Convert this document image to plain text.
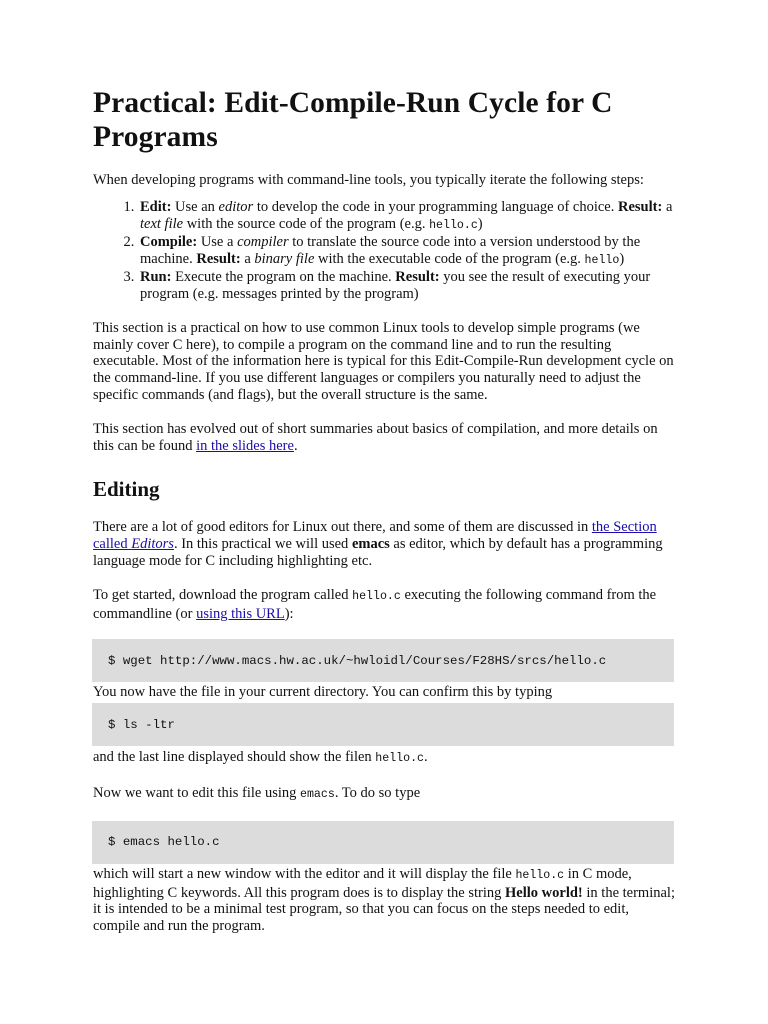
Practical: Edit-Compile-Run Cycle for C Programs

When developing programs with command-line tools, you typically iterate the following steps:

1. Edit: Use an editor to develop the code in your programming language of choice. Result: a text file with the source code of the program (e.g. hello.c)
2. Compile: Use a compiler to translate the source code into a version understood by the machine. Result: a binary file with the executable code of the program (e.g. hello)
3. Run: Execute the program on the machine. Result: you see the result of executing your program (e.g. messages printed by the program)

This section is a practical on how to use common Linux tools to develop simple programs (we mainly cover C here), to compile a program on the command line and to run the resulting executable. Most of the information here is typical for this Edit-Compile-Run development cycle on the command-line. If you use different languages or compilers you naturally need to adjust the specific commands (and flags), but the overall structure is the same.

This section has evolved out of short summaries about basics of compilation, and more details on this can be found in the slides here.

Editing

There are a lot of good editors for Linux out there, and some of them are discussed in the Section called Editors. In this practical we will used emacs as editor, which by default has a programming language mode for C including highlighting etc.

To get started, download the program called hello.c executing the following command from the commandline (or using this URL):

$ wget http://www.macs.hw.ac.uk/~hwloidl/Courses/F28HS/srcs/hello.c

You now have the file in your current directory. You can confirm this by typing

$ ls -ltr

and the last line displayed should show the filen hello.c.

Now we want to edit this file using emacs. To do so type

$ emacs hello.c

which will start a new window with the editor and it will display the file hello.c in C mode, highlighting C keywords. All this program does is to display the string Hello world! in the terminal; it is intended to be a minimal test program, so that you can focus on the steps needed to edit, compile and run the program.
